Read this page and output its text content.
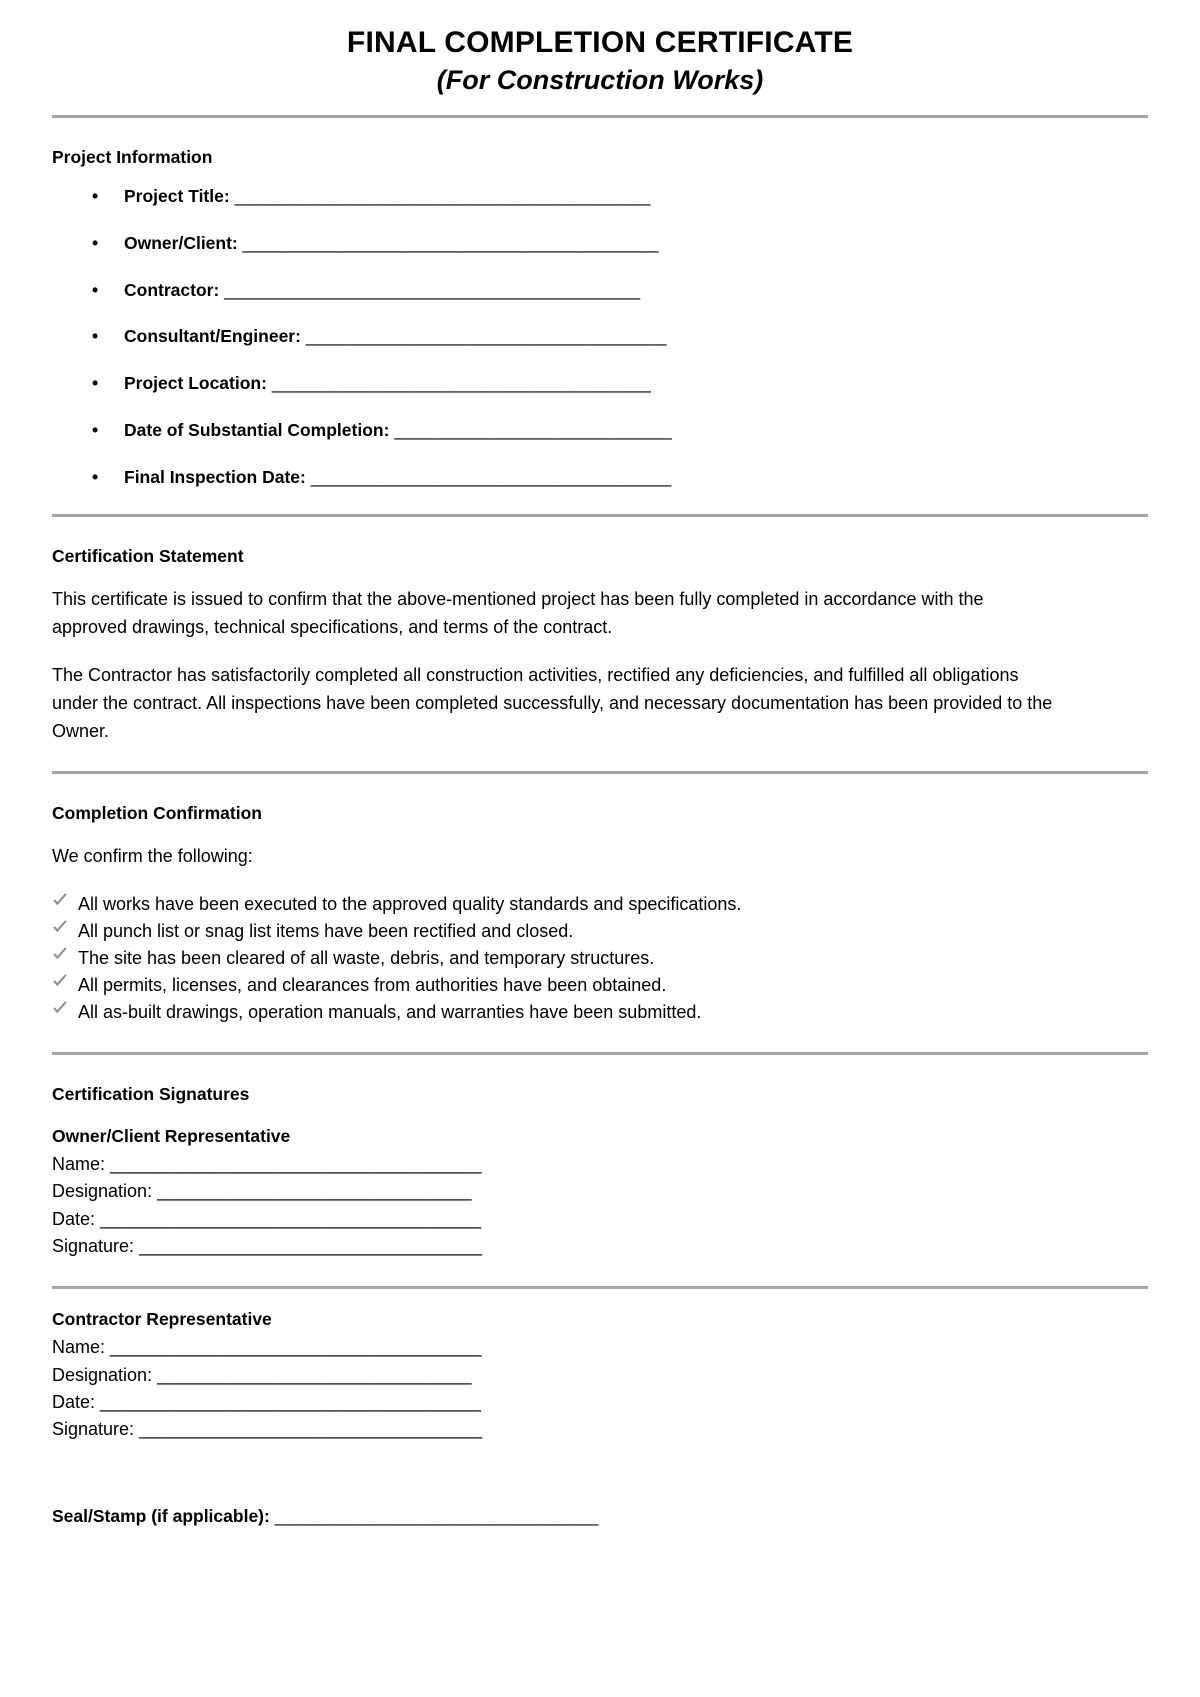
FINAL COMPLETION CERTIFICATE
(For Construction Works)
Project Information
• Project Title: _____________________________________________
• Owner/Client: _____________________________________________
• Contractor: _____________________________________________
• Consultant/Engineer: _______________________________________
• Project Location: _________________________________________
• Date of Substantial Completion: ______________________________
• Final Inspection Date: _______________________________________
Certification Statement

This certificate is issued to confirm that the above-mentioned project has been fully completed in accordance with the approved drawings, technical specifications, and terms of the contract.

The Contractor has satisfactorily completed all construction activities, rectified any deficiencies, and fulfilled all obligations under the contract. All inspections have been completed successfully, and necessary documentation has been provided to the Owner.

Completion Confirmation

We confirm the following:

All works have been executed to the approved quality standards and specifications.
All punch list or snag list items have been rectified and closed.
The site has been cleared of all waste, debris, and temporary structures.
All permits, licenses, and clearances from authorities have been obtained.
All as-built drawings, operation manuals, and warranties have been submitted.
Certification Signatures
Owner/Client Representative
Name: _______________________________________
Designation: _________________________________
Date: ________________________________________
Signature: ____________________________________
Contractor Representative
Name: _______________________________________
Designation: _________________________________
Date: ________________________________________
Signature: ____________________________________
Seal/Stamp (if applicable): ___________________________________
